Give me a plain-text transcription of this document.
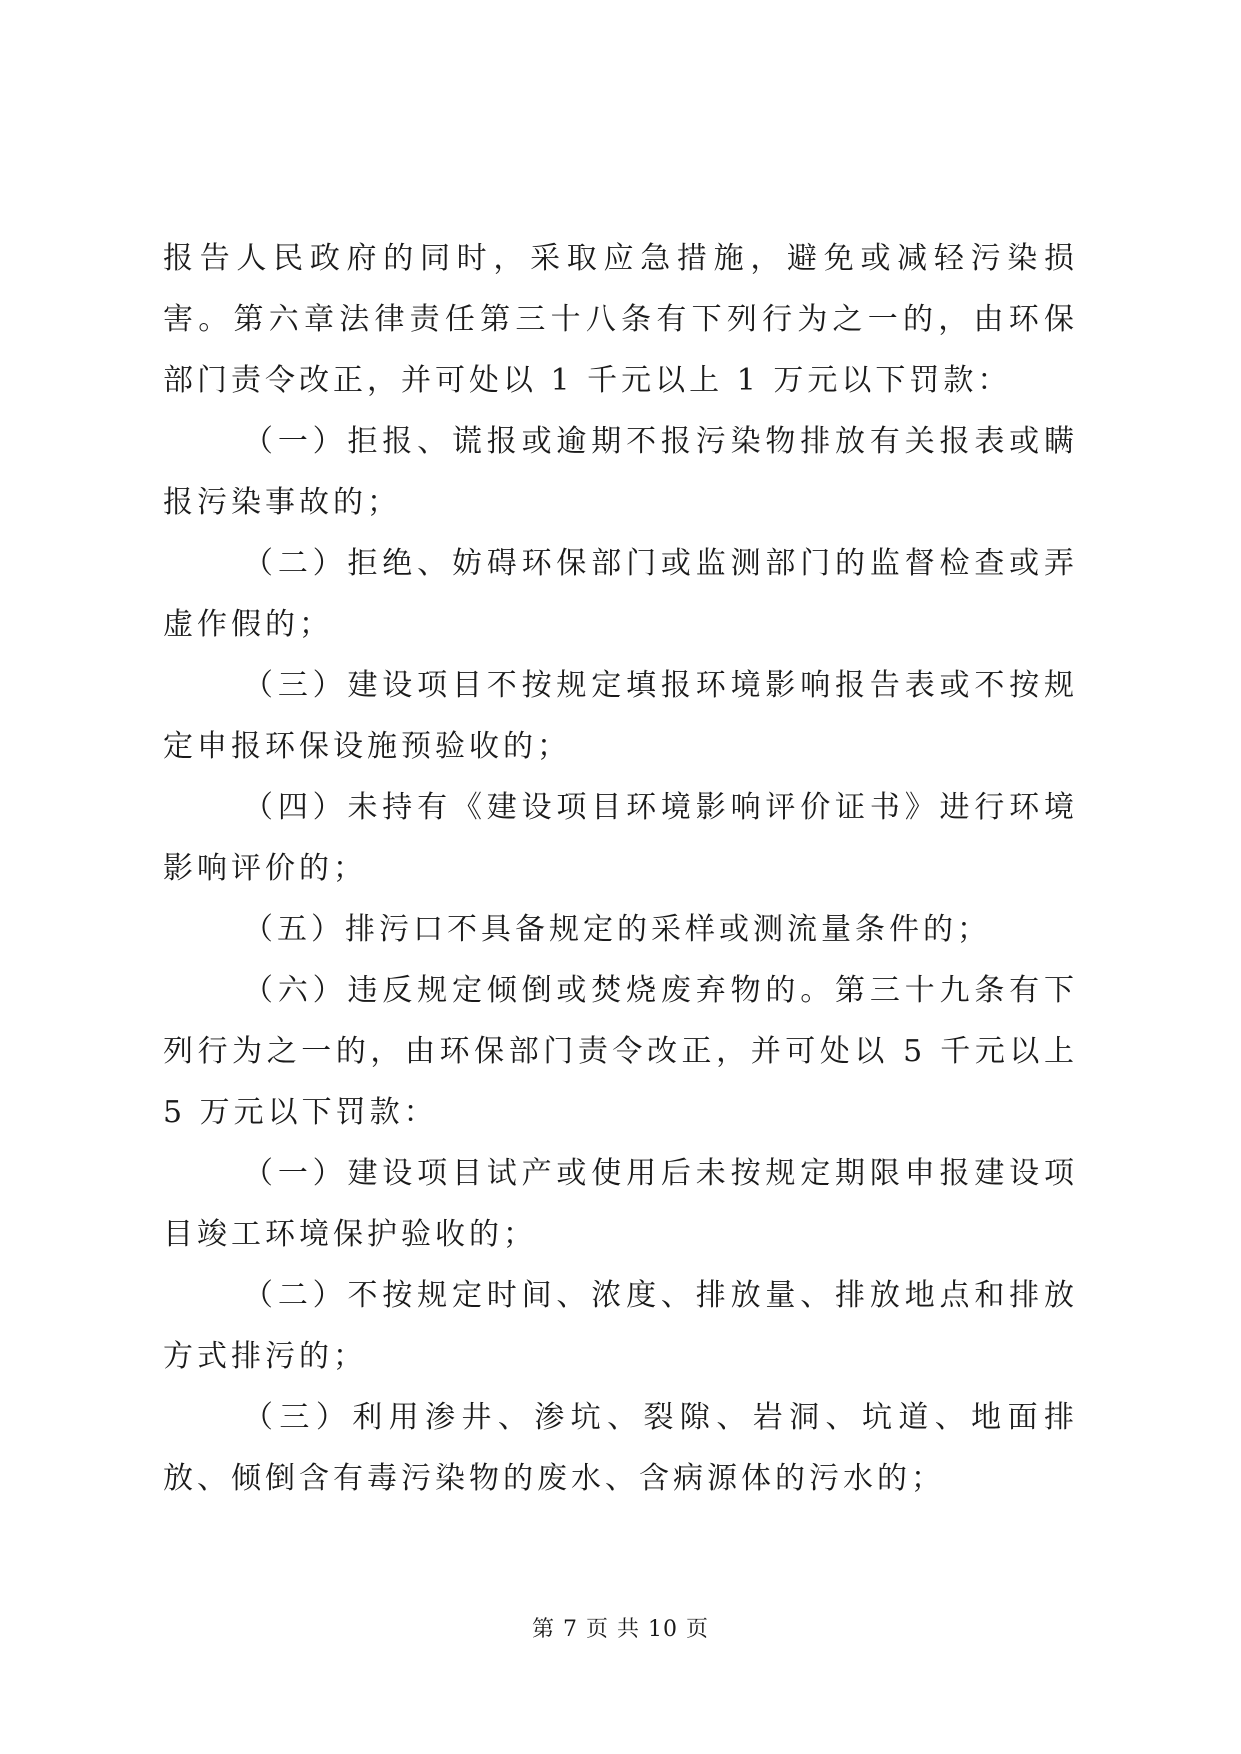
报告人民政府的同时，采取应急措施，避免或减轻污染损害。第六章法律责任第三十八条有下列行为之一的，由环保部门责令改正，并可处以 1 千元以上 1 万元以下罚款：

（一）拒报、谎报或逾期不报污染物排放有关报表或瞒报污染事故的；

（二）拒绝、妨碍环保部门或监测部门的监督检查或弄虚作假的；

（三）建设项目不按规定填报环境影响报告表或不按规定申报环保设施预验收的；

（四）未持有《建设项目环境影响评价证书》进行环境影响评价的；

（五）排污口不具备规定的采样或测流量条件的；

（六）违反规定倾倒或焚烧废弃物的。第三十九条有下列行为之一的，由环保部门责令改正，并可处以 5 千元以上 5 万元以下罚款：

（一）建设项目试产或使用后未按规定期限申报建设项目竣工环境保护验收的；

（二）不按规定时间、浓度、排放量、排放地点和排放方式排污的；

（三）利用渗井、渗坑、裂隙、岩洞、坑道、地面排放、倾倒含有毒污染物的废水、含病源体的污水的；

第 7 页 共 10 页
